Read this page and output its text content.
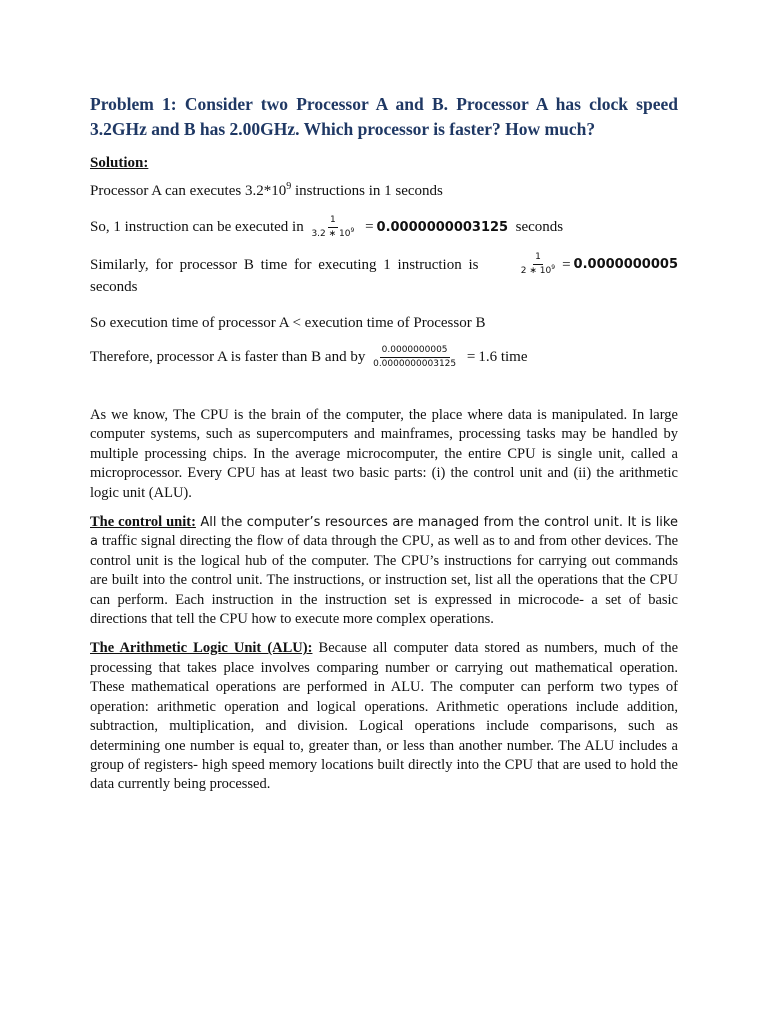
Problem 1: Consider two Processor A and B. Processor A has clock speed
3.2GHz and B has 2.00GHz. Which processor is faster? How much?

Solution:

Processor A can executes $3.2*10^9$ instructions in 1 seconds

So, 1 instruction can be executed in $\frac{1}{3.2 ∗ 10^9} = 0.0000000003125$ seconds

Similarly, for processor B time for executing 1 instruction is	$\frac{1}{2 ∗ 10^9} = 0.0000000005$
seconds

So execution time of processor A < execution time of Processor B

Therefore, processor A is faster than B and by $\frac{0.0000000005}{0.0000000003125} = 1.6$ time

As we know, The CPU is the brain of the computer, the place where data is manipulated. In large computer systems, such as supercomputers and mainframes, processing tasks may be handled by multiple processing chips. In the average microcomputer, the entire CPU is single unit, called a microprocessor. Every CPU has at least two basic parts: (i) the control unit and (ii) the arithmetic logic unit (ALU).

The control unit: All the computer’s resources are managed from the control unit. It is like a traffic signal directing the flow of data through the CPU, as well as to and from other devices. The control unit is the logical hub of the computer. The CPU’s instructions for carrying out commands are built into the control unit. The instructions, or instruction set, list all the operations that the CPU can perform. Each instruction in the instruction set is expressed in microcode- a set of basic directions that tell the CPU how to execute more complex operations.

The Arithmetic Logic Unit (ALU): Because all computer data stored as numbers, much of the processing that takes place involves comparing number or carrying out mathematical operation. These mathematical operations are performed in ALU. The computer can perform two types of operation: arithmetic operation and logical operations. Arithmetic operations include addition, subtraction, multiplication, and division. Logical operations include comparisons, such as determining one number is equal to, greater than, or less than another number. The ALU includes a group of registers- high speed memory locations built directly into the CPU that are used to hold the data currently being processed.
